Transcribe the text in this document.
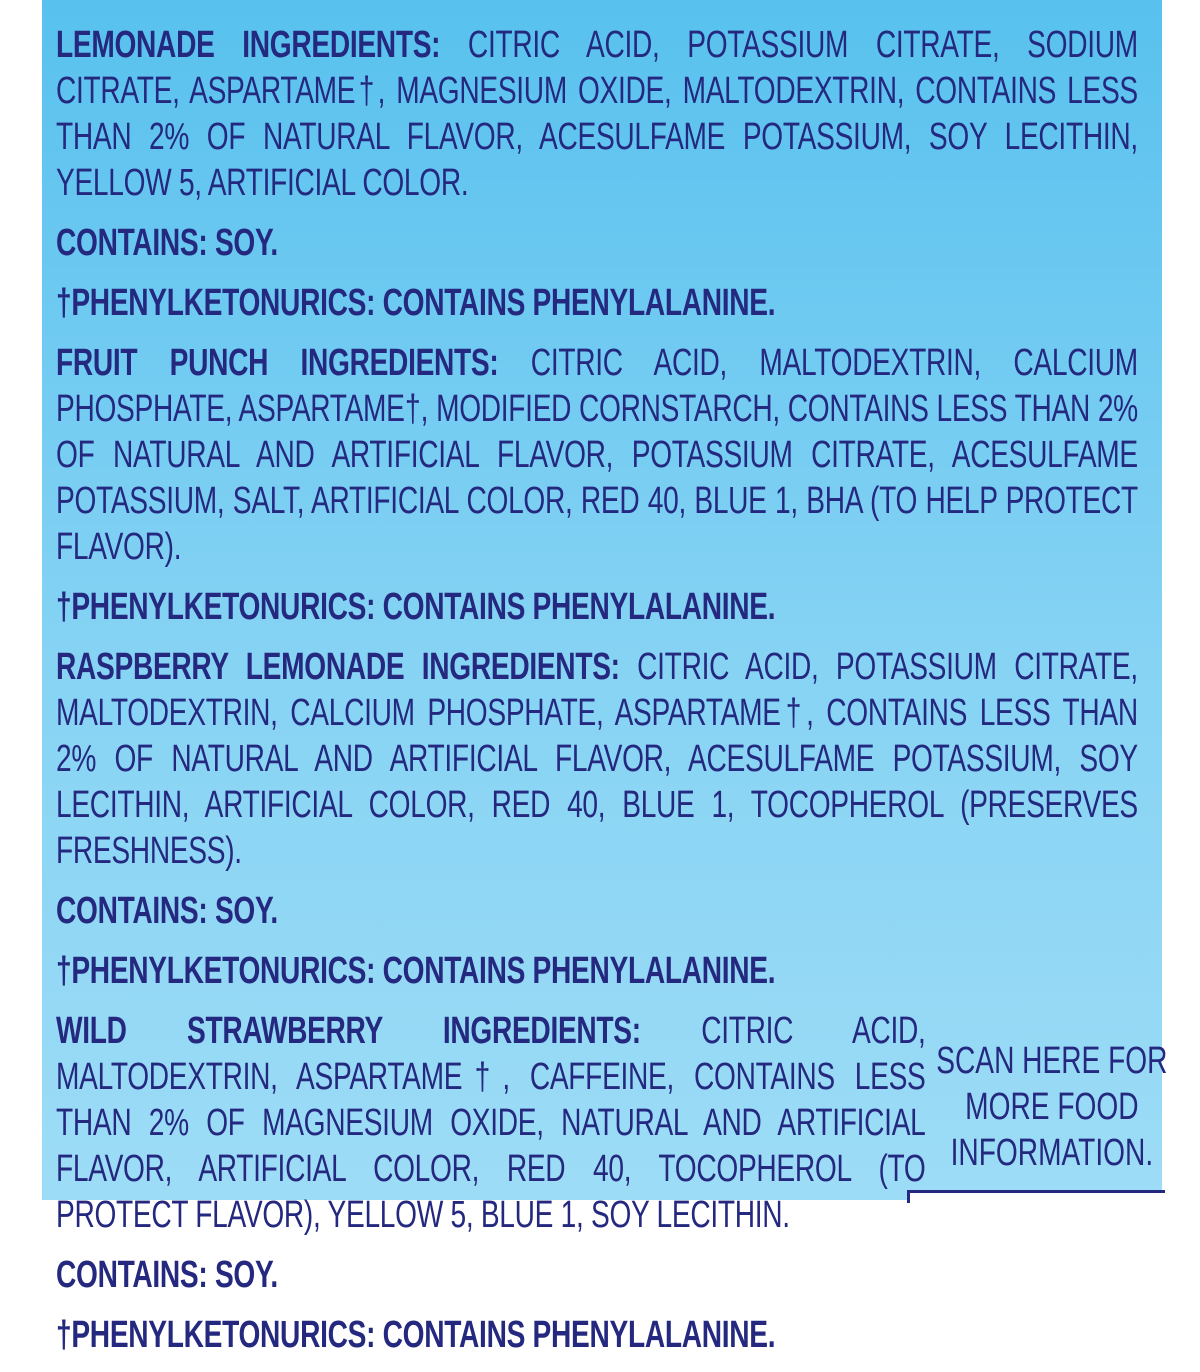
LEMONADE INGREDIENTS: CITRIC ACID, POTASSIUM CITRATE, SODIUM CITRATE, ASPARTAME†, MAGNESIUM OXIDE, MALTODEXTRIN, CONTAINS LESS THAN 2% OF NATURAL FLAVOR, ACESULFAME POTASSIUM, SOY LECITHIN, YELLOW 5, ARTIFICIAL COLOR.

CONTAINS: SOY.

†PHENYLKETONURICS: CONTAINS PHENYLALANINE.

FRUIT PUNCH INGREDIENTS: CITRIC ACID, MALTODEXTRIN, CALCIUM PHOSPHATE, ASPARTAME†, MODIFIED CORNSTARCH, CONTAINS LESS THAN 2% OF NATURAL AND ARTIFICIAL FLAVOR, POTASSIUM CITRATE, ACESULFAME POTASSIUM, SALT, ARTIFICIAL COLOR, RED 40, BLUE 1, BHA (TO HELP PROTECT FLAVOR).

†PHENYLKETONURICS: CONTAINS PHENYLALANINE.

RASPBERRY LEMONADE INGREDIENTS: CITRIC ACID, POTASSIUM CITRATE, MALTODEXTRIN, CALCIUM PHOSPHATE, ASPARTAME†, CONTAINS LESS THAN 2% OF NATURAL AND ARTIFICIAL FLAVOR, ACESULFAME POTASSIUM, SOY LECITHIN, ARTIFICIAL COLOR, RED 40, BLUE 1, TOCOPHEROL (PRESERVES FRESHNESS).

CONTAINS: SOY.

†PHENYLKETONURICS: CONTAINS PHENYLALANINE.

WILD STRAWBERRY INGREDIENTS: CITRIC ACID, MALTODEXTRIN, ASPARTAME†, CAFFEINE, CONTAINS LESS THAN 2% OF MAGNESIUM OXIDE, NATURAL AND ARTIFICIAL FLAVOR, ARTIFICIAL COLOR, RED 40, TOCOPHEROL (TO PROTECT FLAVOR), YELLOW 5, BLUE 1, SOY LECITHIN.

CONTAINS: SOY.

†PHENYLKETONURICS: CONTAINS PHENYLALANINE.

SCAN HERE FOR
MORE FOOD
INFORMATION.
